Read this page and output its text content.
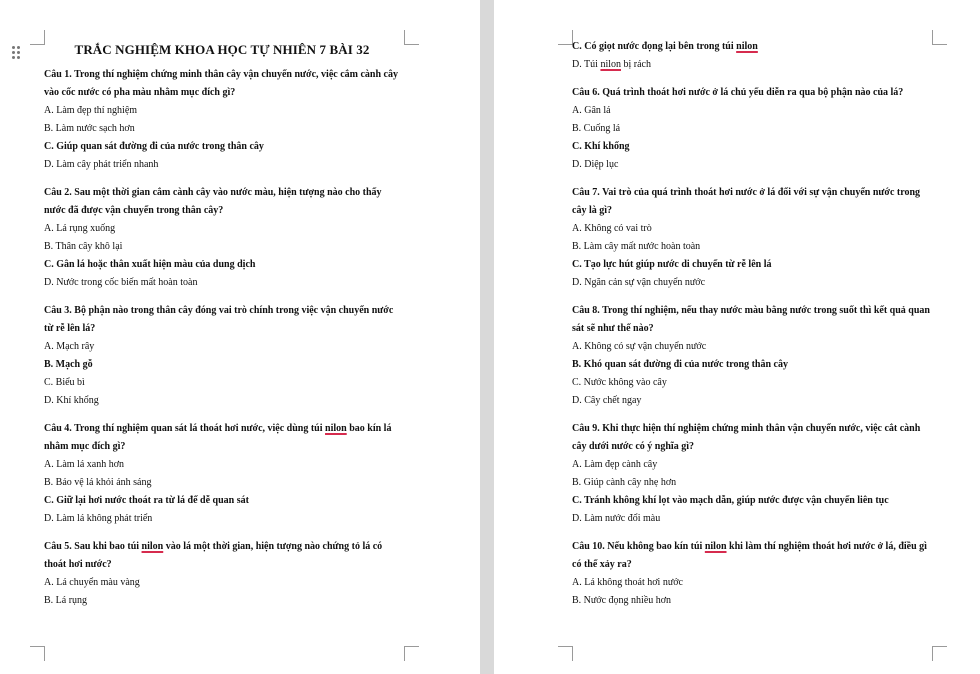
TRẮC NGHIỆM KHOA HỌC TỰ NHIÊN 7 BÀI 32
Câu 1. Trong thí nghiệm chứng minh thân cây vận chuyển nước, việc cắm cành cây vào cốc nước có pha màu nhằm mục đích gì?
A. Làm đẹp thí nghiệm
B. Làm nước sạch hơn
C. Giúp quan sát đường đi của nước trong thân cây
D. Làm cây phát triển nhanh
Câu 2. Sau một thời gian cắm cành cây vào nước màu, hiện tượng nào cho thấy nước đã được vận chuyển trong thân cây?
A. Lá rụng xuống
B. Thân cây khô lại
C. Gân lá hoặc thân xuất hiện màu của dung dịch
D. Nước trong cốc biến mất hoàn toàn
Câu 3. Bộ phận nào trong thân cây đóng vai trò chính trong việc vận chuyển nước từ rễ lên lá?
A. Mạch rây
B. Mạch gỗ
C. Biểu bì
D. Khí khổng
Câu 4. Trong thí nghiệm quan sát lá thoát hơi nước, việc dùng túi nilon bao kín lá nhằm mục đích gì?
A. Làm lá xanh hơn
B. Bảo vệ lá khỏi ánh sáng
C. Giữ lại hơi nước thoát ra từ lá để dễ quan sát
D. Làm lá không phát triển
Câu 5. Sau khi bao túi nilon vào lá một thời gian, hiện tượng nào chứng tỏ lá có thoát hơi nước?
A. Lá chuyển màu vàng
B. Lá rụng
C. Có giọt nước đọng lại bên trong túi nilon
D. Túi nilon bị rách
Câu 6. Quá trình thoát hơi nước ở lá chủ yếu diễn ra qua bộ phận nào của lá?
A. Gân lá
B. Cuống lá
C. Khí khổng
D. Diệp lục
Câu 7. Vai trò của quá trình thoát hơi nước ở lá đối với sự vận chuyển nước trong cây là gì?
A. Không có vai trò
B. Làm cây mất nước hoàn toàn
C. Tạo lực hút giúp nước di chuyển từ rễ lên lá
D. Ngăn cản sự vận chuyển nước
Câu 8. Trong thí nghiệm, nếu thay nước màu bằng nước trong suốt thì kết quả quan sát sẽ như thế nào?
A. Không có sự vận chuyển nước
B. Khó quan sát đường đi của nước trong thân cây
C. Nước không vào cây
D. Cây chết ngay
Câu 9. Khi thực hiện thí nghiệm chứng minh thân vận chuyển nước, việc cắt cành cây dưới nước có ý nghĩa gì?
A. Làm đẹp cành cây
B. Giúp cành cây nhẹ hơn
C. Tránh không khí lọt vào mạch dẫn, giúp nước được vận chuyển liên tục
D. Làm nước đổi màu
Câu 10. Nếu không bao kín túi nilon khi làm thí nghiệm thoát hơi nước ở lá, điều gì có thể xảy ra?
A. Lá không thoát hơi nước
B. Nước đọng nhiều hơn
